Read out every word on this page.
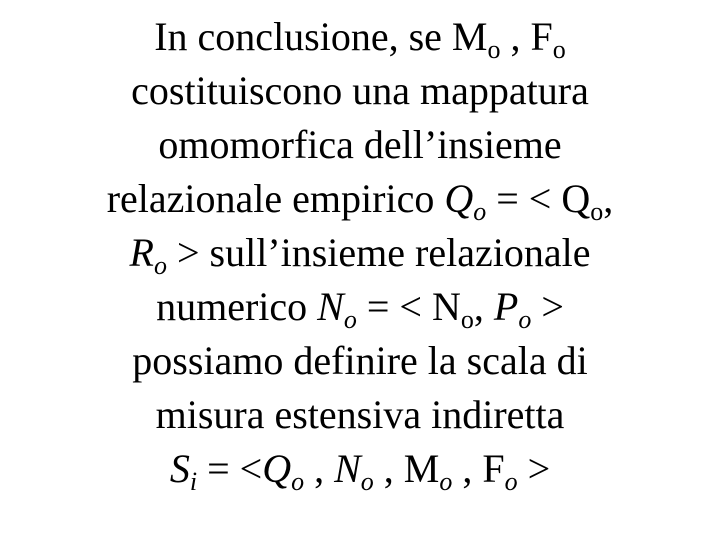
In conclusione, se $M_o$ , $F_o$
costituiscono una mappatura
omomorfica dell’insieme
relazionale empirico $Q_o$ = < $Q_o$,
$R_o$ > sull’insieme relazionale
numerico $N_o$ = < $N_o$, $P_o$ >
possiamo definire la scala di
misura estensiva indiretta
$S_i = <Q_o$ , $N_o$ , $M_o$ , $F_o$ >
